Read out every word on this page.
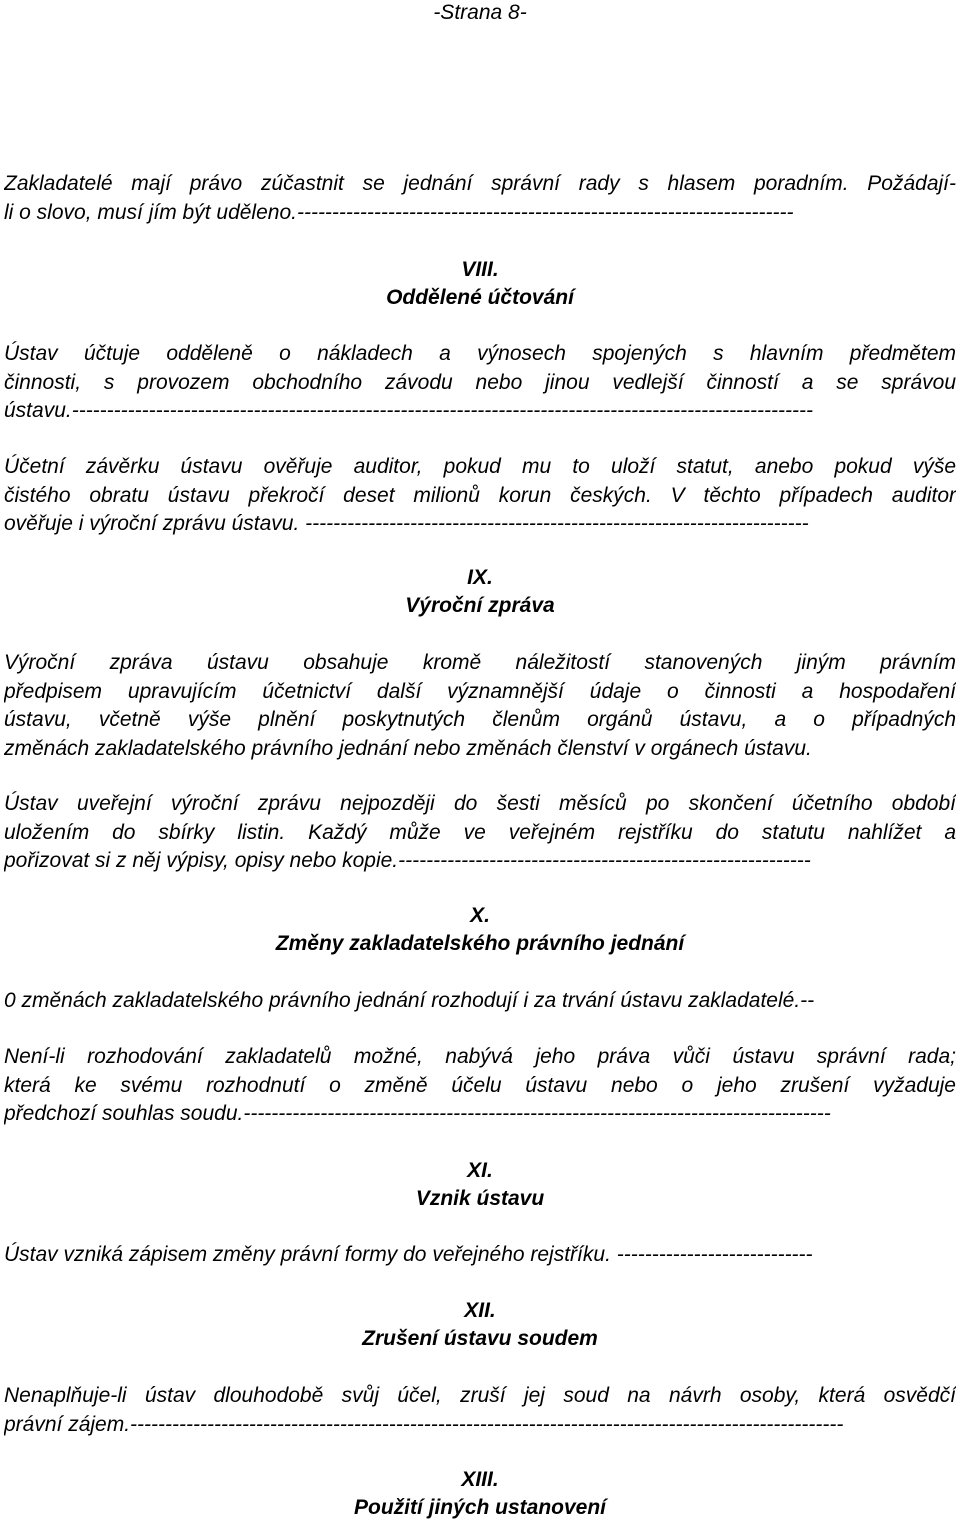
-Strana 8-
Zakladatelé mají právo zúčastnit se jednání správní rady s hlasem poradním. Požádají-
li o slovo, musí jím být uděleno.-----------------------------------------------------------------------
VIII.
Oddělené účtování
Ústav účtuje odděleně o nákladech a výnosech spojených s hlavním předmětem
činnosti, s provozem obchodního závodu nebo jinou vedlejší činností a se správou
ústavu.----------------------------------------------------------------------------------------------------------
Účetní závěrku ústavu ověřuje auditor, pokud mu to uloží statut, anebo pokud výše
čistého obratu ústavu překročí deset milionů korun českých. V těchto případech auditor
ověřuje i výroční zprávu ústavu. ------------------------------------------------------------------------
IX.
Výroční zpráva
Výroční zpráva ústavu obsahuje kromě náležitostí stanovených jiným právním
předpisem upravujícím účetnictví další významnější údaje o činnosti a hospodaření
ústavu, včetně výše plnění poskytnutých členům orgánů ústavu, a o případných
změnách zakladatelského právního jednání nebo změnách členství v orgánech ústavu.
Ústav uveřejní výroční zprávu nejpozději do šesti měsíců po skončení účetního období
uložením do sbírky listin. Každý může ve veřejném rejstříku do statutu nahlížet a
pořizovat si z něj výpisy, opisy nebo kopie.-----------------------------------------------------------
X.
Změny zakladatelského právního jednání
0 změnách zakladatelského právního jednání rozhodují i za trvání ústavu zakladatelé.--
Není-li rozhodování zakladatelů možné, nabývá jeho práva vůči ústavu správní rada;
která ke svému rozhodnutí o změně účelu ústavu nebo o jeho zrušení vyžaduje
předchozí souhlas soudu.------------------------------------------------------------------------------------
XI.
Vznik ústavu
Ústav vzniká zápisem změny právní formy do veřejného rejstříku. ----------------------------
XII.
Zrušení ústavu soudem
Nenaplňuje-li ústav dlouhodobě svůj účel, zruší jej soud na návrh osoby, která osvědčí
právní zájem.------------------------------------------------------------------------------------------------------
XIII.
Použití jiných ustanovení
